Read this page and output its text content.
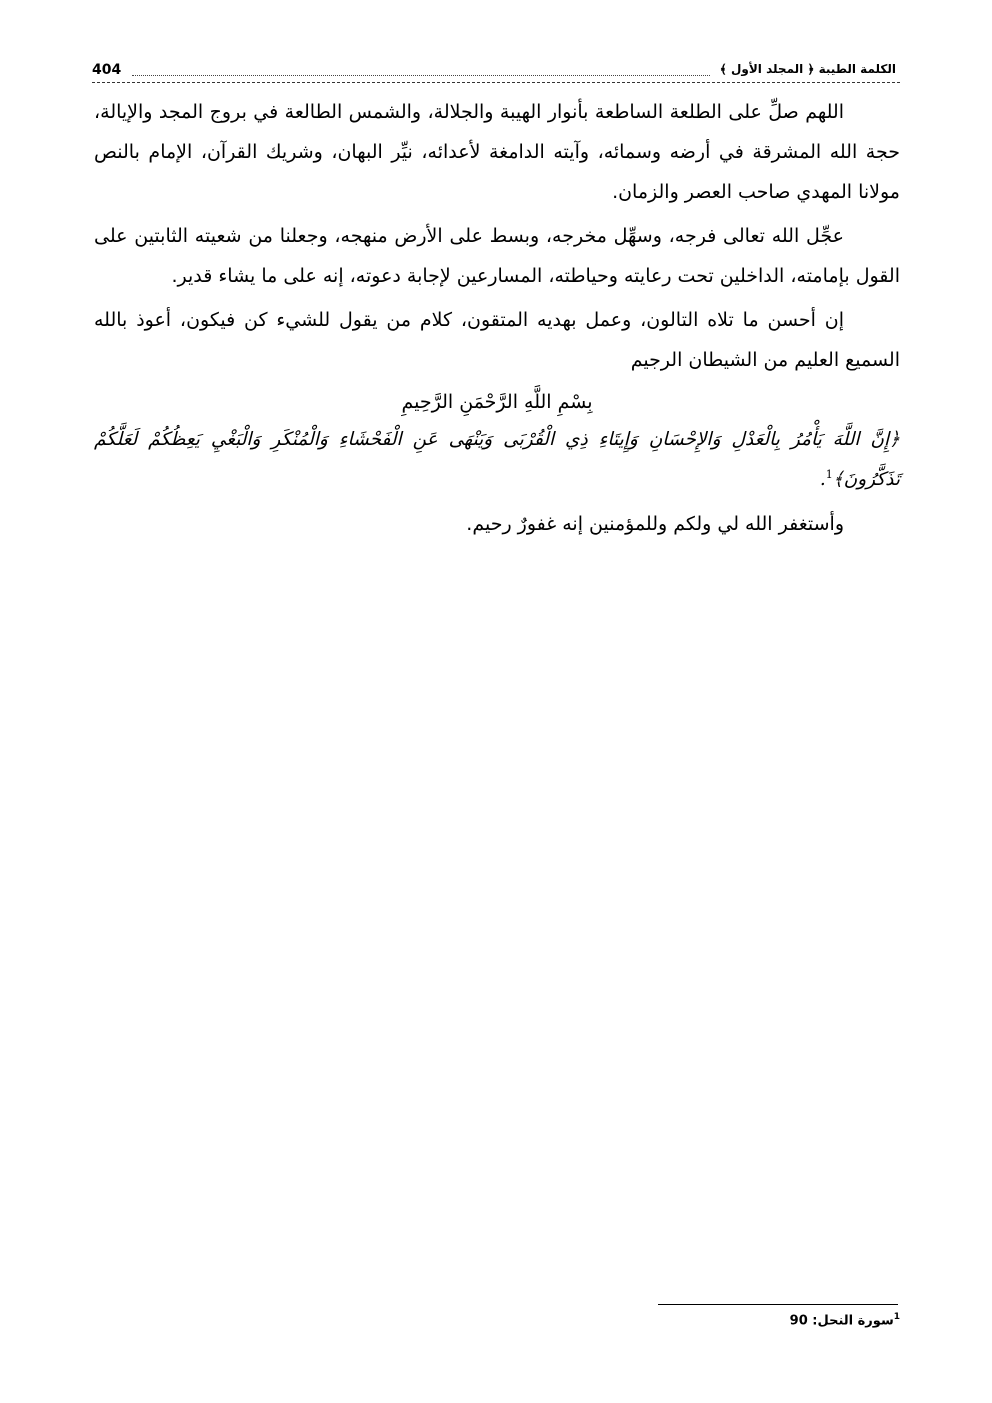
404	الكلمة الطيبة ﴿ المجلد الأول ﴾

اللهم صلِّ على الطلعة الساطعة بأنوار الهيبة والجلالة، والشمس الطالعة في بروج المجد والإيالة، حجة الله المشرقة في أرضه وسمائه، وآيته الدامغة لأعدائه، نيِّر البهان، وشريك القرآن، الإمام بالنص مولانا المهدي صاحب العصر والزمان.

عجِّل الله تعالى فرجه، وسهِّل مخرجه، وبسط على الأرض منهجه، وجعلنا من شعيته الثابتين على القول بإمامته، الداخلين تحت رعايته وحياطته، المسارعين لإجابة دعوته، إنه على ما يشاء قدير.

إن أحسن ما تلاه التالون، وعمل بهديه المتقون، كلام من يقول للشيء كن فيكون، أعوذ بالله السميع العليم من الشيطان الرجيم

بِسْمِ اللَّهِ الرَّحْمَنِ الرَّحِيمِ

﴿إِنَّ اللَّهَ يَأْمُرُ بِالْعَدْلِ وَالإِحْسَانِ وَإِيتَاءِ ذِي الْقُرْبَى وَيَنْهَى عَنِ الْفَحْشَاءِ وَالْمُنْكَرِ وَالْبَغْيِ يَعِظُكُمْ لَعَلَّكُمْ تَذَكَّرُونَ﴾$^1$.

وأستغفر الله لي ولكم وللمؤمنين إنه غفورٌ رحيم.

$^1$سورة النحل: 90
